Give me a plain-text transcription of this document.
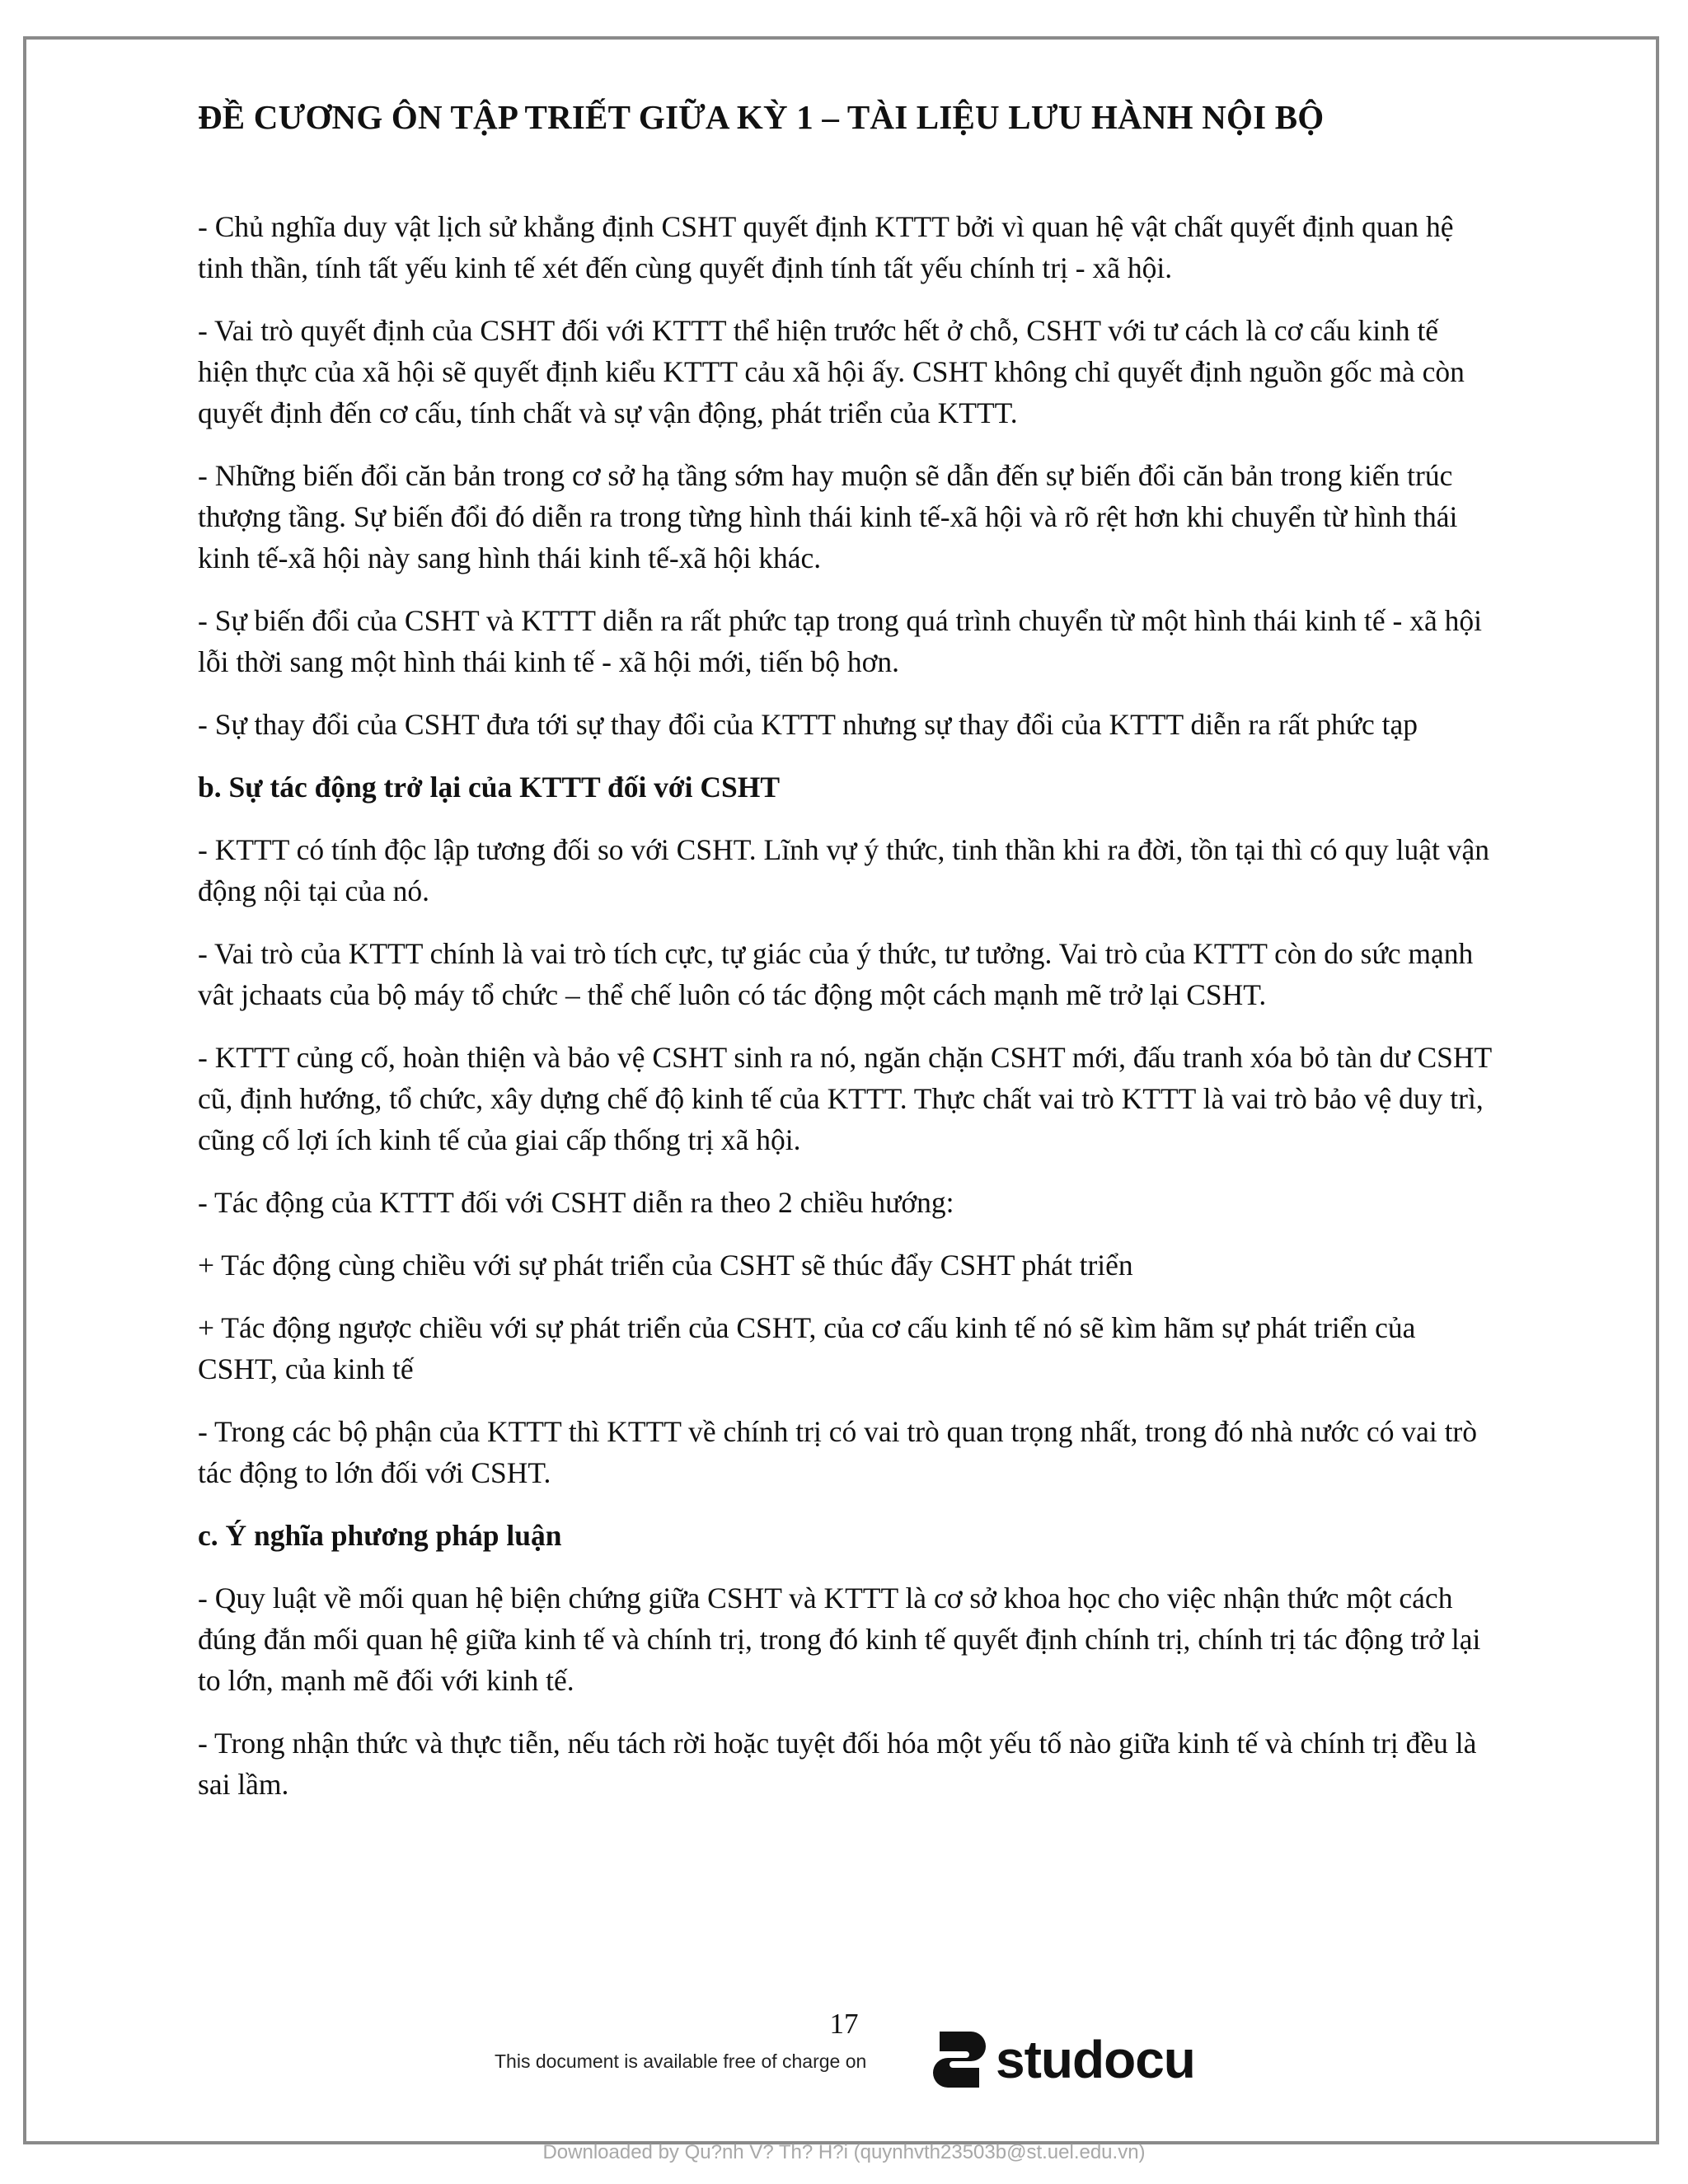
ĐỀ CƯƠNG ÔN TẬP TRIẾT GIỮA KỲ 1 – TÀI LIỆU LƯU HÀNH NỘI BỘ

- Chủ nghĩa duy vật lịch sử khẳng định CSHT quyết định KTTT bởi vì quan hệ vật chất quyết định quan hệ tinh thần, tính tất yếu kinh tế xét đến cùng quyết định tính tất yếu chính trị - xã hội.

- Vai trò quyết định của CSHT đối với KTTT thể hiện trước hết ở chỗ, CSHT với tư cách là cơ cấu kinh tế hiện thực của xã hội sẽ quyết định kiểu KTTT cảu xã hội ấy. CSHT không chỉ quyết định nguồn gốc mà còn quyết định đến cơ cấu, tính chất và sự vận động, phát triển của KTTT.

- Những biến đổi căn bản trong cơ sở hạ tầng sớm hay muộn sẽ dẫn đến sự biến đổi căn bản trong kiến trúc thượng tầng. Sự biến đổi đó diễn ra trong từng hình thái kinh tế-xã hội và rõ rệt hơn khi chuyển từ hình thái kinh tế-xã hội này sang hình thái kinh tế-xã hội khác.

- Sự biến đổi của CSHT và KTTT diễn ra rất phức tạp trong quá trình chuyển từ một hình thái kinh tế - xã hội lỗi thời sang một hình thái kinh tế - xã hội mới, tiến bộ hơn.

- Sự thay đổi của CSHT đưa tới sự thay đổi của KTTT nhưng sự thay đổi của KTTT diễn ra rất phức tạp

b. Sự tác động trở lại của KTTT đối với CSHT

- KTTT có tính độc lập tương đối so với CSHT. Lĩnh vự ý thức, tinh thần khi ra đời, tồn tại thì có quy luật vận động nội tại của nó.

- Vai trò của KTTT chính là vai trò tích cực, tự giác của ý thức, tư tưởng. Vai trò của KTTT còn do sức mạnh vât jchaats của bộ máy tổ chức – thể chế luôn có tác động một cách mạnh mẽ trở lại CSHT.

- KTTT củng cố, hoàn thiện và bảo vệ CSHT sinh ra nó, ngăn chặn CSHT mới, đấu tranh xóa bỏ tàn dư CSHT cũ, định hướng, tổ chức, xây dựng chế độ kinh tế của KTTT. Thực chất vai trò KTTT là vai trò bảo vệ duy trì, cũng cố lợi ích kinh tế của giai cấp thống trị xã hội.

- Tác động của KTTT đối với CSHT diễn ra theo 2 chiều hướng:

+ Tác động cùng chiều với sự phát triển của CSHT sẽ thúc đẩy CSHT phát triển

+ Tác động ngược chiều với sự phát triển của CSHT, của cơ cấu kinh tế nó sẽ kìm hãm sự phát triển của CSHT, của kinh tế

- Trong các bộ phận của KTTT thì KTTT về chính trị có vai trò quan trọng nhất, trong đó nhà nước có vai trò tác động to lớn đối với CSHT.

c. Ý nghĩa phương pháp luận

- Quy luật về mối quan hệ biện chứng giữa CSHT và KTTT là cơ sở khoa học cho việc nhận thức một cách đúng đắn mối quan hệ giữa kinh tế và chính trị, trong đó kinh tế quyết định chính trị, chính trị tác động trở lại to lớn, mạnh mẽ đối với kinh tế.

- Trong nhận thức và thực tiễn, nếu tách rời hoặc tuyệt đối hóa một yếu tố nào giữa kinh tế và chính trị đều là sai lầm.

17
This document is available free of charge on studocu
Downloaded by Qu?nh V? Th? H?i (quynhvth23503b@st.uel.edu.vn)
